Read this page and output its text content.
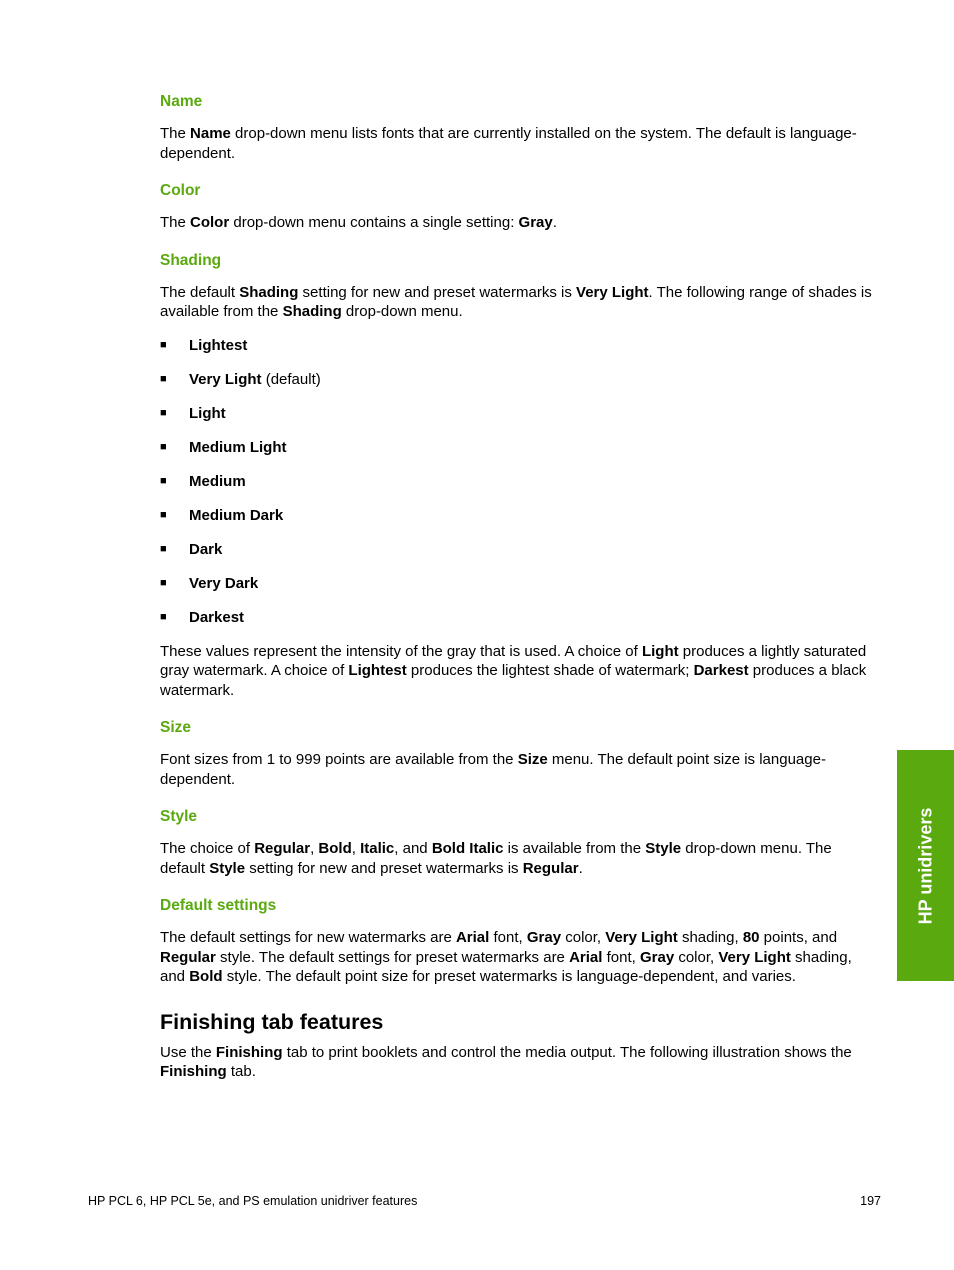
Name

The Name drop-down menu lists fonts that are currently installed on the system. The default is language-dependent.

Color

The Color drop-down menu contains a single setting: Gray.

Shading

The default Shading setting for new and preset watermarks is Very Light. The following range of shades is available from the Shading drop-down menu.

■ Lightest
■ Very Light (default)
■ Light
■ Medium Light
■ Medium
■ Medium Dark
■ Dark
■ Very Dark
■ Darkest

These values represent the intensity of the gray that is used. A choice of Light produces a lightly saturated gray watermark. A choice of Lightest produces the lightest shade of watermark; Darkest produces a black watermark.

Size

Font sizes from 1 to 999 points are available from the Size menu. The default point size is language-dependent.

Style

The choice of Regular, Bold, Italic, and Bold Italic is available from the Style drop-down menu. The default Style setting for new and preset watermarks is Regular.

Default settings

The default settings for new watermarks are Arial font, Gray color, Very Light shading, 80 points, and Regular style. The default settings for preset watermarks are Arial font, Gray color, Very Light shading, and Bold style. The default point size for preset watermarks is language-dependent, and varies.

Finishing tab features

Use the Finishing tab to print booklets and control the media output. The following illustration shows the Finishing tab.

HP unidrivers
HP PCL 6, HP PCL 5e, and PS emulation unidriver features	197
